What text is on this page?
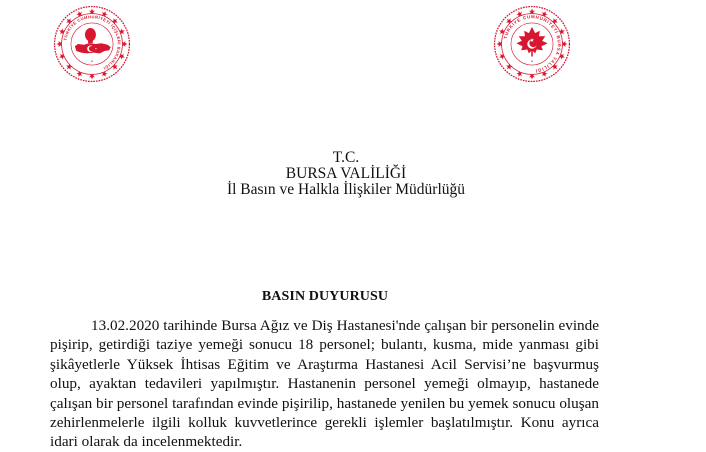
TÜRKİYE CUMHURİYETİ İÇİŞLERİ BAKANLIĞI
TÜRKİYE CUMHURİYETİ BURSA VALİLİĞİ
T.C.
BURSA VALİLİĞİ
İl Basın ve Halkla İlişkiler Müdürlüğü
BASIN DUYURUSU

13.02.2020 tarihinde Bursa Ağız ve Diş Hastanesi'nde çalışan bir personelin evinde pişirip, getirdiği taziye yemeği sonucu 18 personel; bulantı, kusma, mide yanması gibi şikâyetlerle Yüksek İhtisas Eğitim ve Araştırma Hastanesi Acil Servisi’ne başvurmuş olup, ayaktan tedavileri yapılmıştır. Hastanenin personel yemeği olmayıp, hastanede çalışan bir personel tarafından evinde pişirilip, hastanede yenilen bu yemek sonucu oluşan zehirlenmelerle ilgili kolluk kuvvetlerince gerekli işlemler başlatılmıştır. Konu ayrıca idari olarak da incelenmektedir.
